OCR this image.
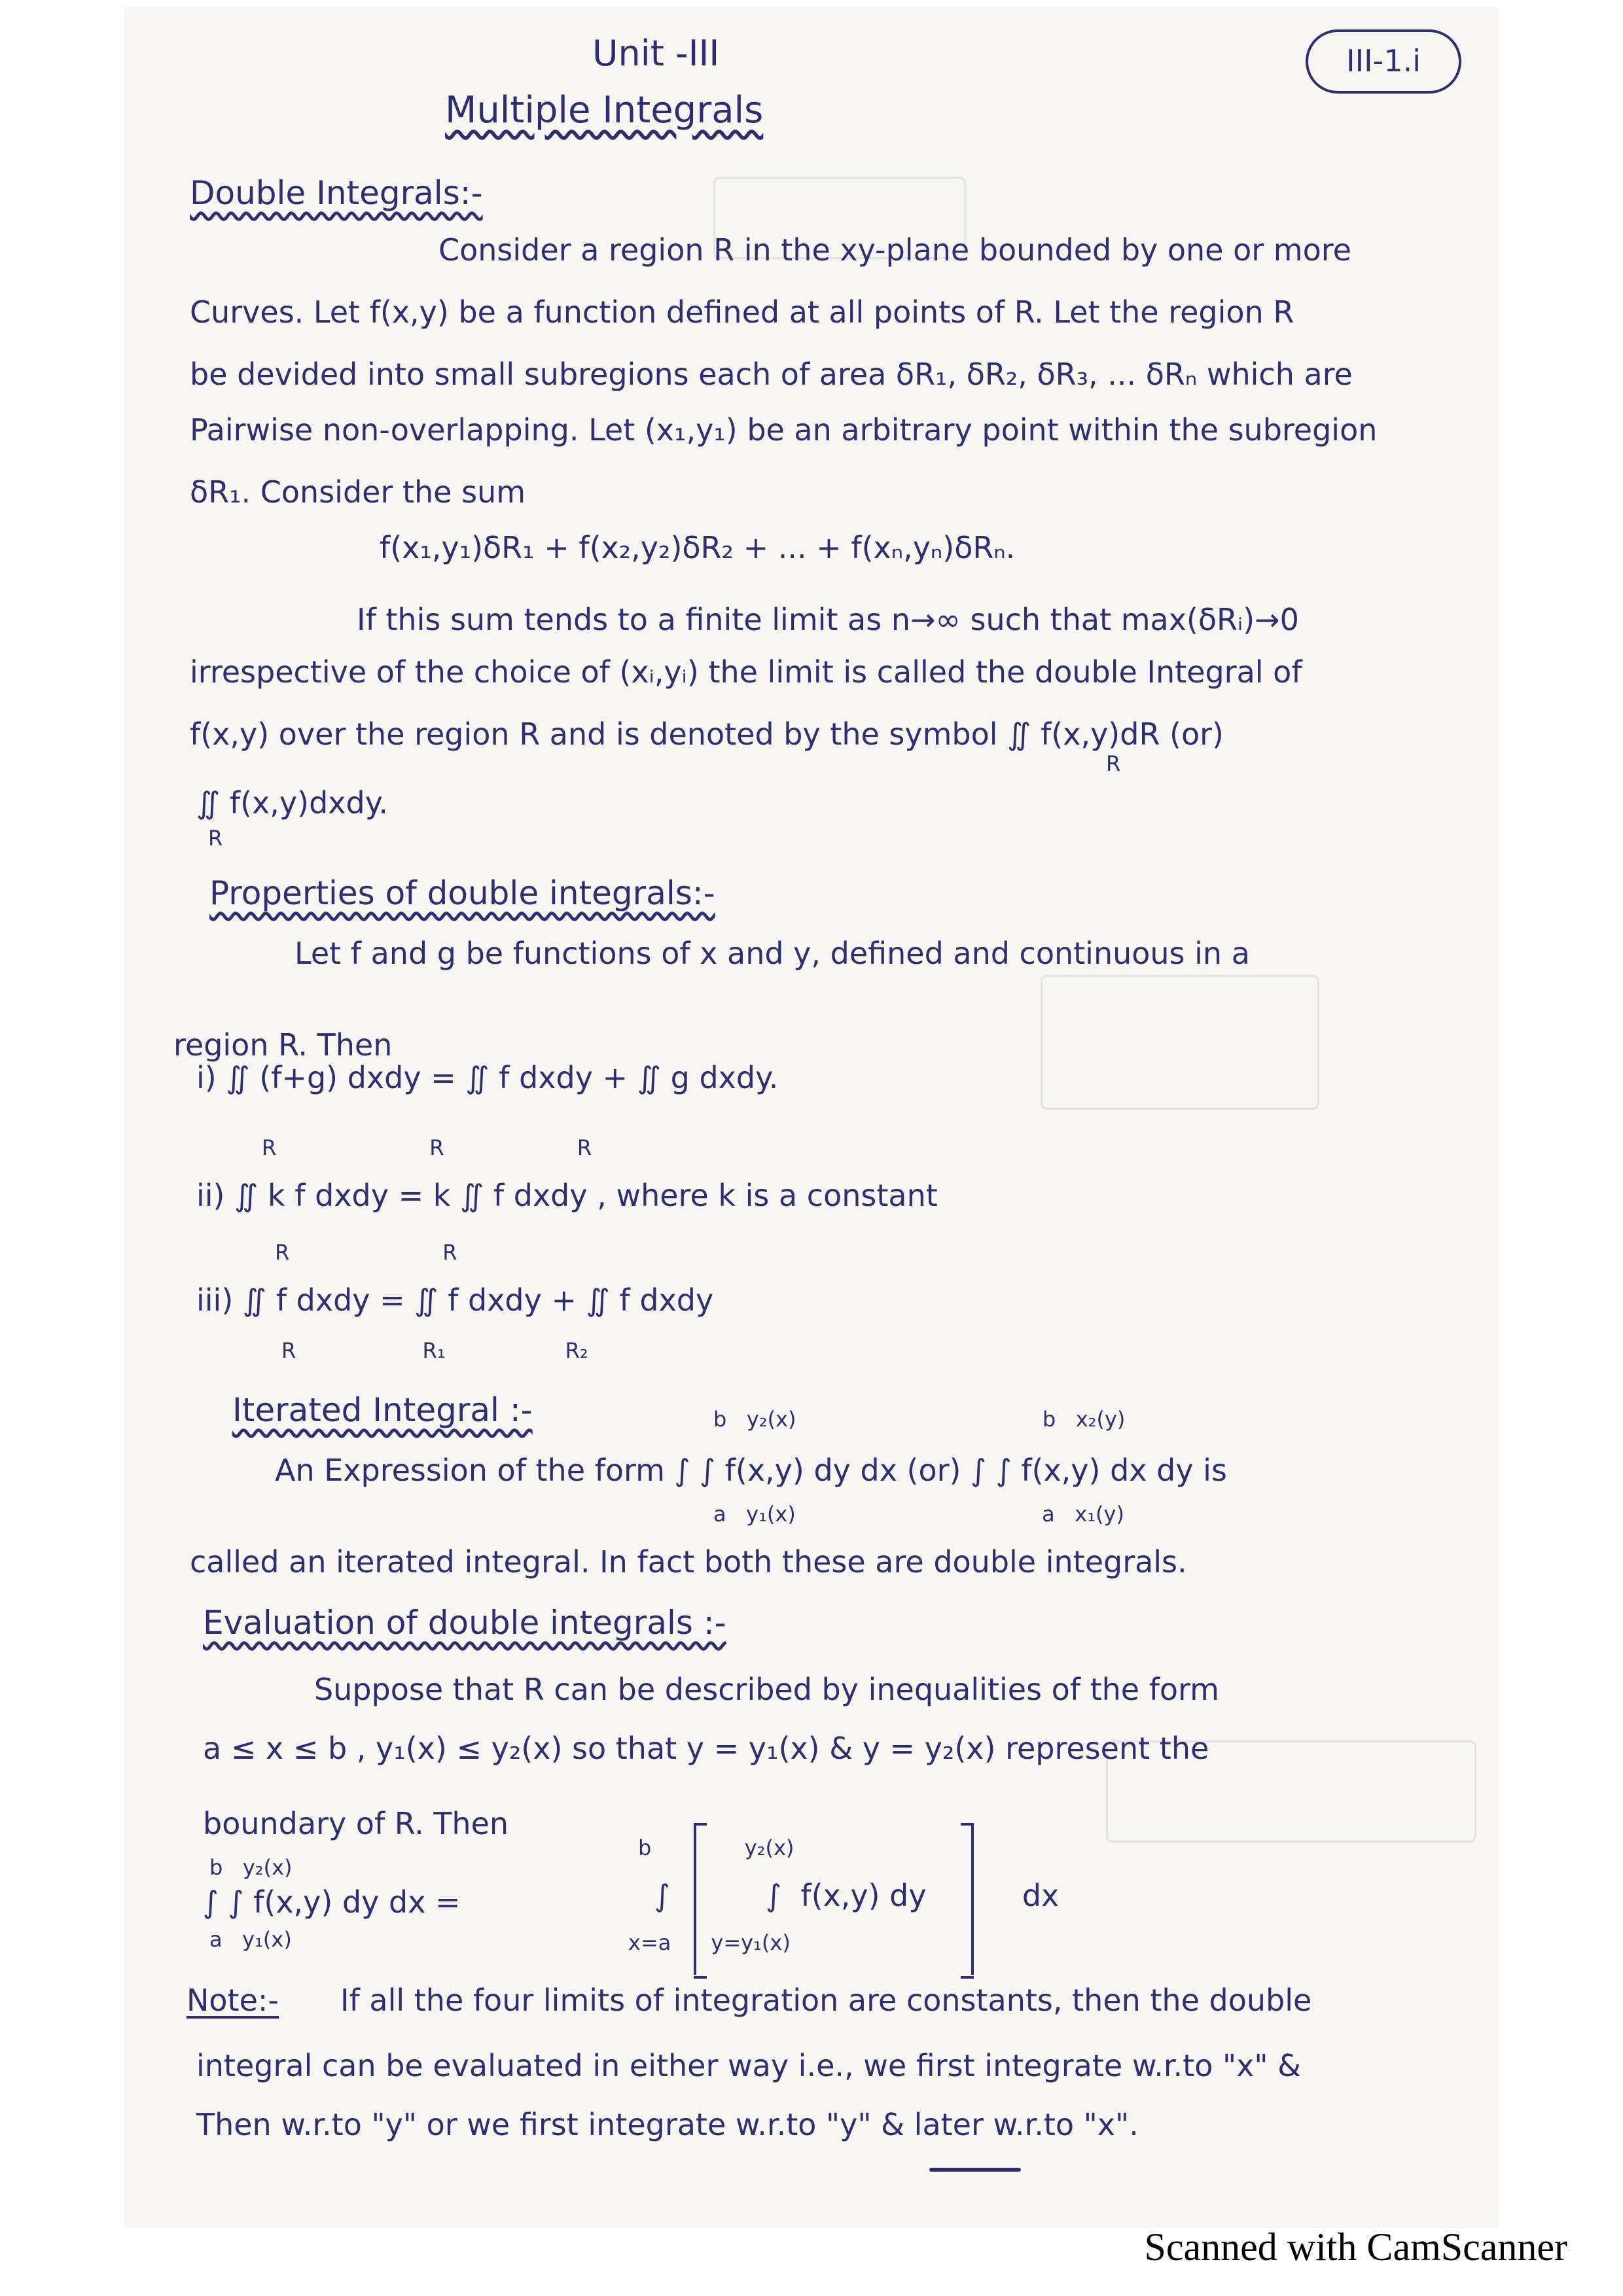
III-1.i
Unit -III
Multiple Integrals
Double Integrals:-
Consider a region R in the xy-plane bounded by one or more
Curves. Let f(x,y) be a function defined at all points of R. Let the region R
be devided into small subregions each of area δR₁, δR₂, δR₃, ... δRₙ which are
Pairwise non-overlapping. Let (x₁,y₁) be an arbitrary point within the subregion
δR₁. Consider the sum
f(x₁,y₁)δR₁ + f(x₂,y₂)δR₂ + ... + f(xₙ,yₙ)δRₙ.
If this sum tends to a finite limit as n→∞ such that max(δRᵢ)→0
irrespective of the choice of (xᵢ,yᵢ) the limit is called the double Integral of
f(x,y) over the region R and is denoted by the symbol ∬ f(x,y)dR (or)
R
∬ f(x,y)dxdy.
R
Properties of double integrals:-
Let f and g be functions of x and y, defined and continuous in a
region R. Then
i) ∬ (f+g) dxdy = ∬ f dxdy + ∬ g dxdy.
R                       R                    R
ii) ∬ k f dxdy = k ∬ f dxdy , where k is a constant
R                       R
iii) ∬ f dxdy = ∬ f dxdy + ∬ f dxdy
R                   R₁                  R₂
Iterated Integral :-	b   y₂(x)                                     b   x₂(y)
An Expression of the form ∫ ∫ f(x,y) dy dx (or) ∫ ∫ f(x,y) dx dy is
a   y₁(x)                                     a   x₁(y)
called an iterated integral. In fact both these are double integrals.
Evaluation of double integrals :-
Suppose that R can be described by inequalities of the form
a ≤ x ≤ b , y₁(x) ≤ y₂(x) so that y = y₁(x) & y = y₂(x) represent the
boundary of R. Then
b   y₂(x)
∫ ∫ f(x,y) dy dx =
a   y₁(x)
b              y₂(x)
∫          ∫  f(x,y) dy          dx
x=a      y=y₁(x)
Note:- If all the four limits of integration are constants, then the double
integral can be evaluated in either way i.e., we first integrate w.r.to "x" &
Then w.r.to "y" or we first integrate w.r.to "y" & later w.r.to "x".
Scanned with CamScanner
